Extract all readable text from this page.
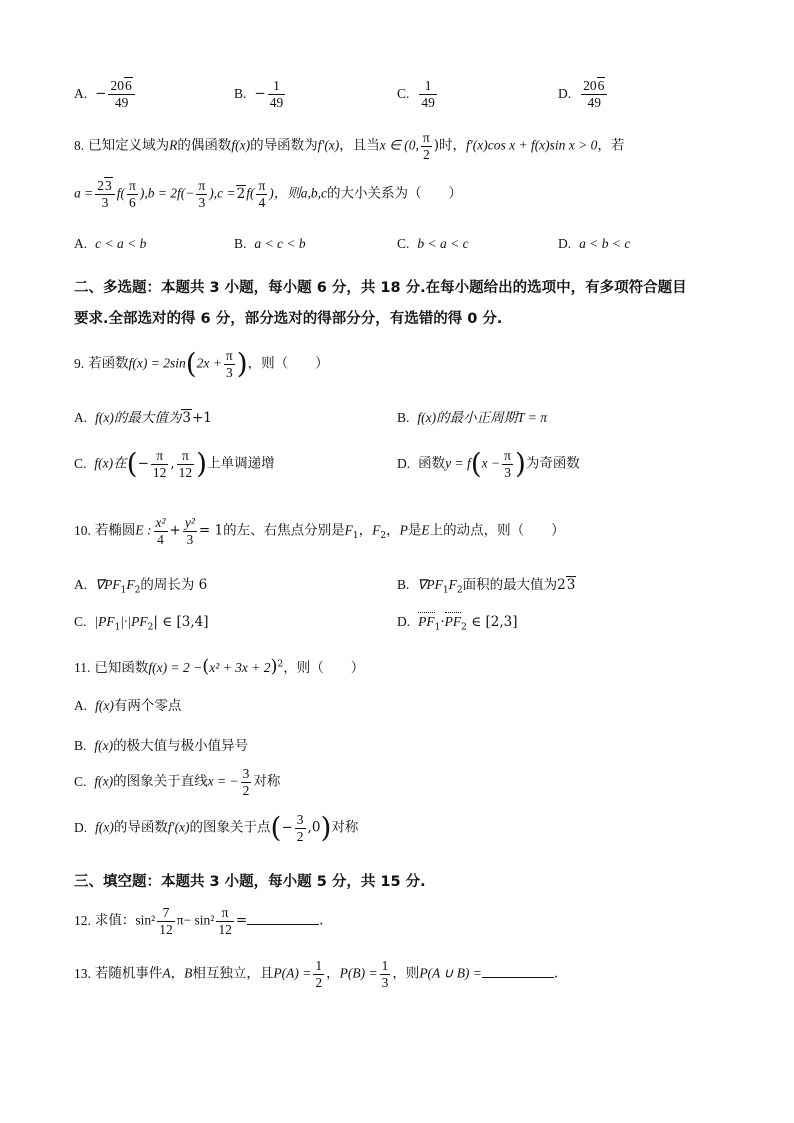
A. − $\frac{206}{49}$	B. − $\frac{1}{49}$	C. $\frac{1}{49}$	D. $\frac{206}{49}$
8. 已知定义域为R的偶函数f(x)的导函数为f′(x)，且当x ∈ (0, $\frac{\pi}{2}$ )时，f′(x)cos x + f(x)sin x > 0，若
$a = \frac{23}{3} f( \frac{\pi}{6} ),b = 2f(- \frac{\pi}{3} ),c =2f( \frac{\pi}{4}$ )，则a,b,c的大小关系为（　　）
A. c < a < b	B. a < c < b	C. b < a < c	D. a < b < c
二、多选题：本题共 3 小题，每小题 6 分，共 18 分.在每小题给出的选项中，有多项符合题目
要求.全部选对的得 6 分，部分选对的得部分分，有选错的得 0 分.
9. 若函数$f(x) = 2\sin(2x + \frac{\pi}{3}$ )，则（　　）
A. f(x)的最大值为3+1	B. f(x)的最小正周期T = π
C. f(x)在(− $\frac{\pi}{12}$ , $\frac{\pi}{12}$ )上单调递增	D. 函数$y = f(x - \frac{\pi}{3}$ )为奇函数
10. 若椭圆E : $\frac{\text{x²}}{4} + \frac{\text{y²}}{3} = 1$的左、右焦点分别是$F_1$，$F_2$，P是E上的动点，则（　　）
A. $\nabla PF_1F_2$的周长为 6	B. $\nabla PF_1F_2$面积的最大值为23
C. $|PF_1|\cdot|PF_2|$ ∈ [3,4]	D. $PF_1\cdot PF_2$ ∈ [2,3]
11. 已知函数$f(x) = 2 -(x^2 + 3x + 2)^2$，则（　　）
A. f(x)有两个零点
B. f(x)的极大值与极小值异号
C. f(x)的图象关于直线x = − $\frac{3}{2}$ 对称
D. f(x)的导函数f′(x)的图象关于点(− $\frac{3}{2} ,0$)对称
三、填空题：本题共 3 小题，每小题 5 分，共 15 分.
12. 求值：$\sin^2 \frac{7}{12} \pi- \sin^2 \frac{\pi}{12}$ =	.
13. 若随机事件A，B相互独立，且$P(A) = \frac{1}{2}$ ，$P(B) = \frac{1}{3}$ ，则P(A ∪ B) =	.
